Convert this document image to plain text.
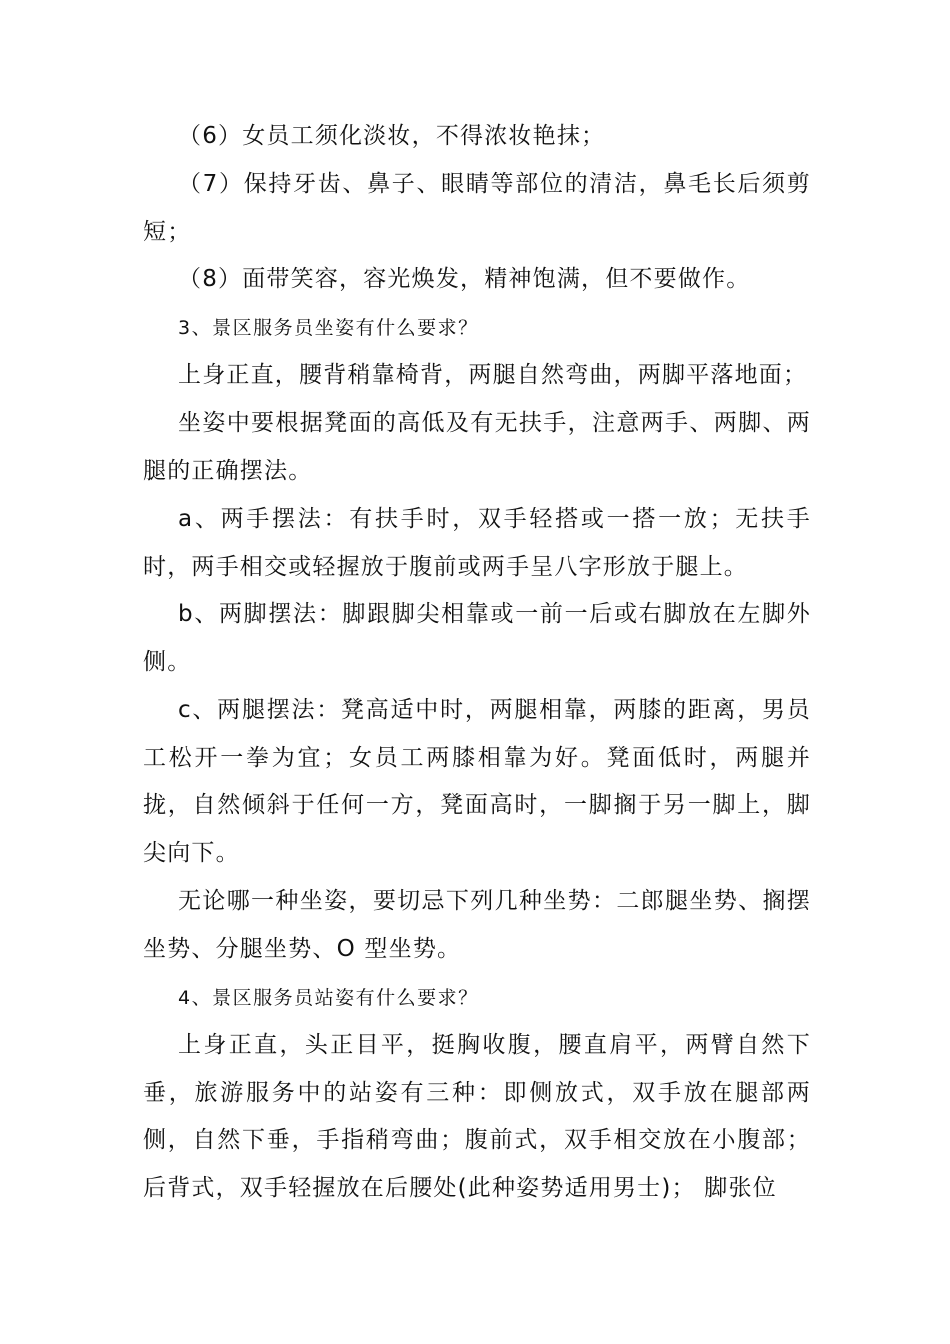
（6）女员工须化淡妆，不得浓妆艳抹；

（7）保持牙齿、鼻子、眼睛等部位的清洁，鼻毛长后须剪短；

（8）面带笑容，容光焕发，精神饱满，但不要做作。

3、景区服务员坐姿有什么要求？

上身正直，腰背稍靠椅背，两腿自然弯曲，两脚平落地面；

坐姿中要根据凳面的高低及有无扶手，注意两手、两脚、两腿的正确摆法。

a、两手摆法：有扶手时，双手轻搭或一搭一放；无扶手时，两手相交或轻握放于腹前或两手呈八字形放于腿上。

b、两脚摆法：脚跟脚尖相靠或一前一后或右脚放在左脚外侧。

c、两腿摆法：凳高适中时，两腿相靠，两膝的距离，男员工松开一拳为宜；女员工两膝相靠为好。凳面低时，两腿并拢，自然倾斜于任何一方，凳面高时，一脚搁于另一脚上，脚尖向下。

无论哪一种坐姿，要切忌下列几种坐势：二郎腿坐势、搁摆坐势、分腿坐势、O 型坐势。

4、景区服务员站姿有什么要求？

上身正直，头正目平，挺胸收腹，腰直肩平，两臂自然下垂，旅游服务中的站姿有三种：即侧放式，双手放在腿部两侧，自然下垂，手指稍弯曲；腹前式，双手相交放在小腹部；后背式，双手轻握放在后腰处(此种姿势适用男士)； 脚张位
